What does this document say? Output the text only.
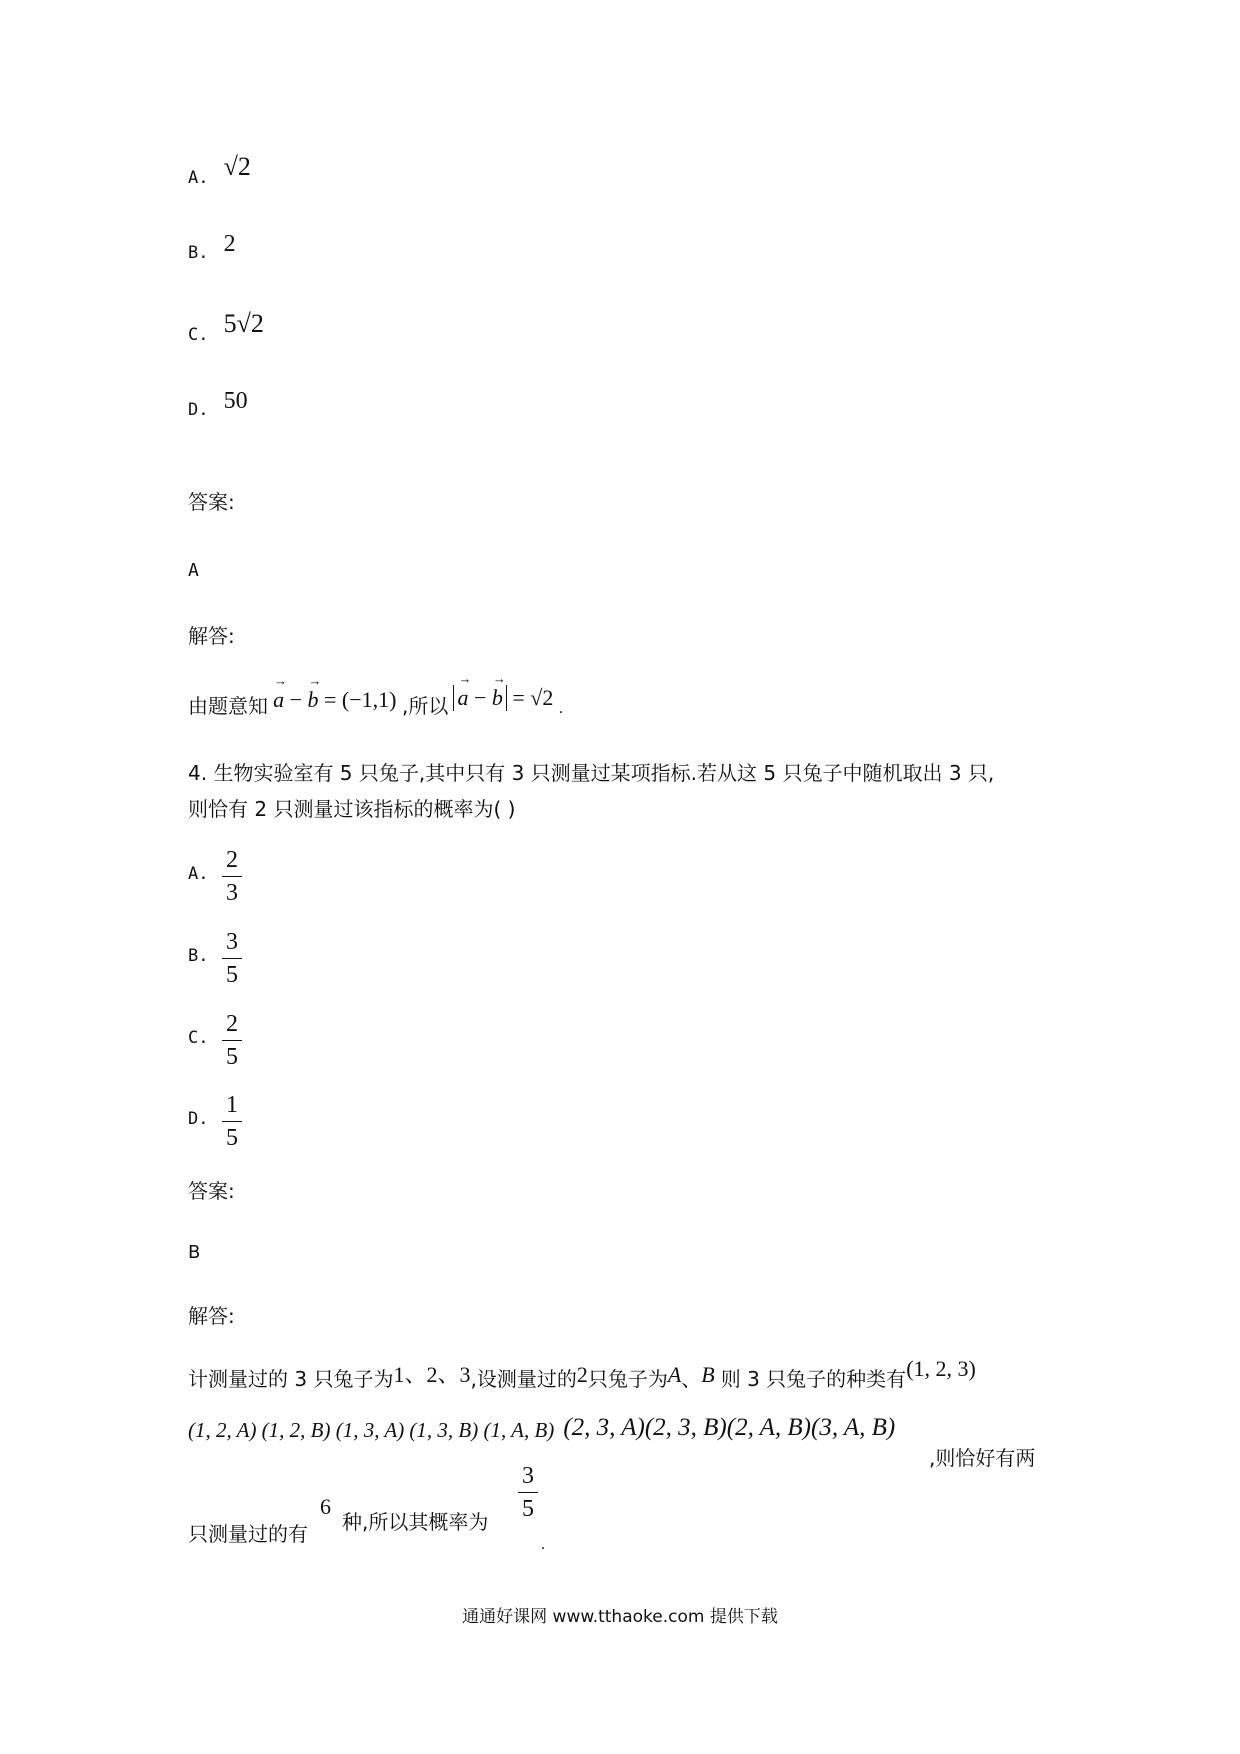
A. √2
B. 2
C. 5√2
D. 50
答案:
A
解答:
由题意知 → a − → b = (−1,1) ,所以 → a − → b = √2 .
4. 生物实验室有 5 只兔子,其中只有 3 只测量过某项指标.若从这 5 只兔子中随机取出 3 只,
则恰有 2 只测量过该指标的概率为( )
A.
2
3
B.
3
5
C.
2
5
D.
1
5
答案:
B
解答:
计测量过的 3 只兔子为1、2、3,设测量过的2只兔子为A、B 则 3 只兔子的种类有(1, 2, 3)
(1, 2, A) (1, 2, B) (1, 3, A) (1, 3, B) (1, A, B) (2, 3, A)(2, 3, B)(2, A, B)(3, A, B)
,则恰好有两
只测量过的有
6
种,所以其概率为
3
5
.
通通好课网 www.tthaoke.com 提供下载
